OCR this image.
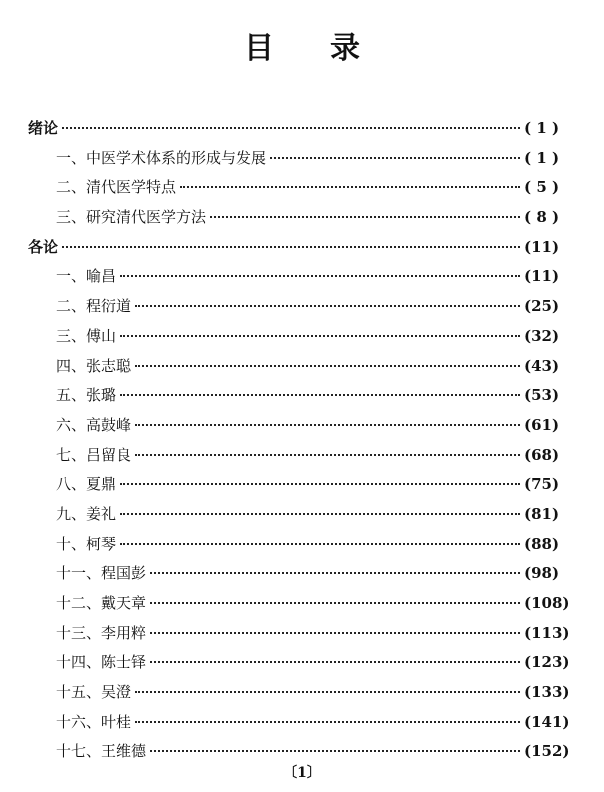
目 录
绪论	( 1 )
一、中医学术体系的形成与发展	( 1 )
二、清代医学特点	( 5 )
三、研究清代医学方法	( 8 )
各论	(11)
一、喻昌	(11)
二、程衍道	(25)
三、傅山	(32)
四、张志聪	(43)
五、张璐	(53)
六、高鼓峰	(61)
七、吕留良	(68)
八、夏鼎	(75)
九、姜礼	(81)
十、柯琴	(88)
十一、程国彭	(98)
十二、戴天章	(108)
十三、李用粹	(113)
十四、陈士铎	(123)
十五、吴澄	(133)
十六、叶桂	(141)
十七、王维德	(152)
〔1〕
